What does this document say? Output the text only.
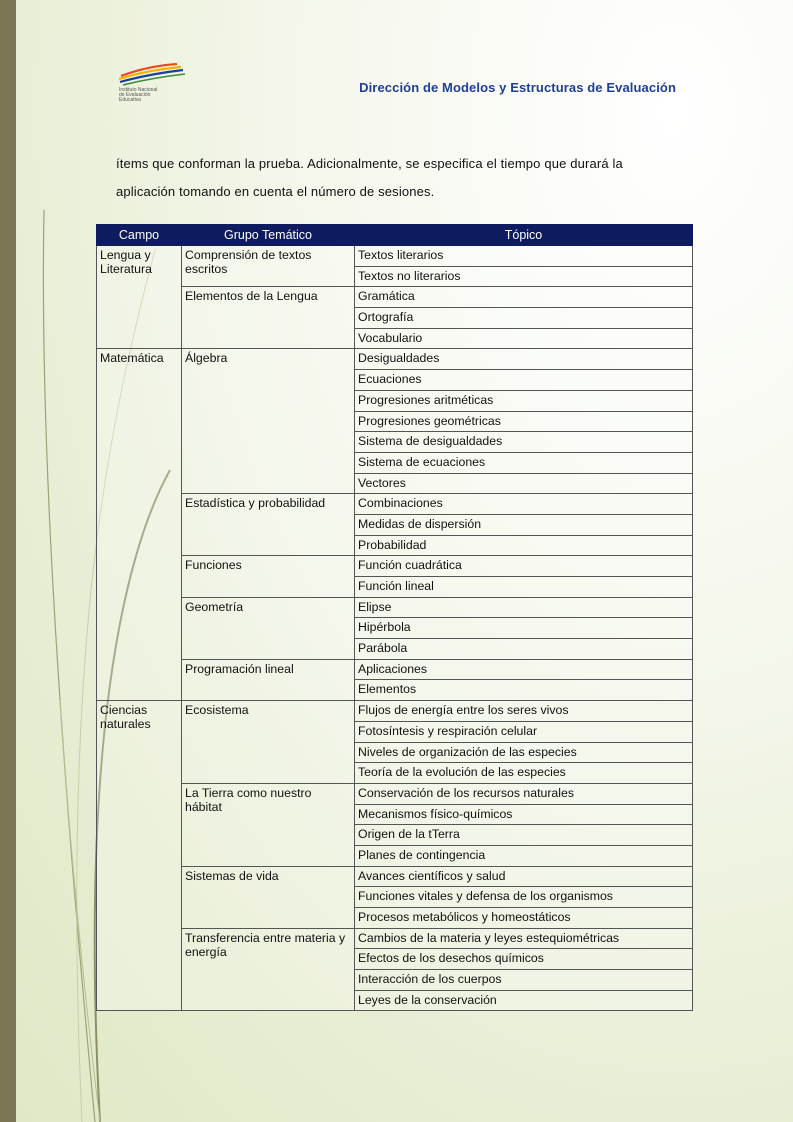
Instituto Nacional
de Evaluación
Educativa
Dirección de Modelos y Estructuras de Evaluación

ítems que conforman la prueba. Adicionalmente, se especifica el tiempo que durará la

aplicación tomando en cuenta el número de sesiones.

Campo	Grupo Temático	Tópico
Lengua y Literatura	Comprensión de textos escritos	Textos literarios
		Textos no literarios
	Elementos de la Lengua	Gramática
		Ortografía
		Vocabulario
Matemática	Álgebra	Desigualdades
		Ecuaciones
		Progresiones aritméticas
		Progresiones geométricas
		Sistema de desigualdades
		Sistema de ecuaciones
		Vectores
	Estadística y probabilidad	Combinaciones
		Medidas de dispersión
		Probabilidad
	Funciones	Función cuadrática
		Función lineal
	Geometría	Elipse
		Hipérbola
		Parábola
	Programación lineal	Aplicaciones
		Elementos
Ciencias naturales	Ecosistema	Flujos de energía entre los seres vivos
		Fotosíntesis y respiración celular
		Niveles de organización de las especies
		Teoría de la evolución de las especies
	La Tierra como nuestro hábitat	Conservación de los recursos naturales
		Mecanismos físico-químicos
		Origen de la tTerra
		Planes de contingencia
	Sistemas de vida	Avances científicos y salud
		Funciones vitales y defensa de los organismos
		Procesos metabólicos y homeostáticos
	Transferencia entre materia y energía	Cambios de la materia y leyes estequiométricas
		Efectos de los desechos químicos
		Interacción de los cuerpos
		Leyes de la conservación
